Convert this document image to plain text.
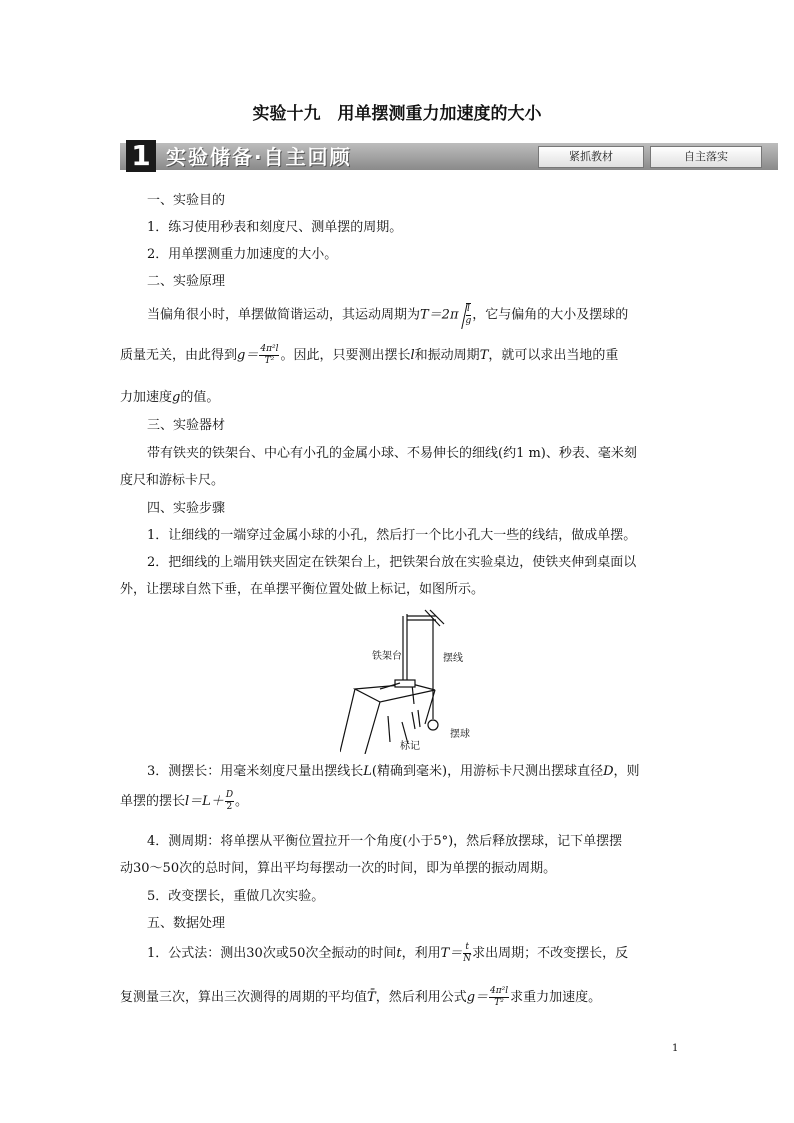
实验十九　用单摆测重力加速度的大小
1 实验储备·自主回顾	紧抓教材	自主落实
一、实验目的
1．练习使用秒表和刻度尺、测单摆的周期。
2．用单摆测重力加速度的大小。
二、实验原理
当偏角很小时，单摆做简谐运动，其运动周期为$T=2\pi \frac{l}{g}$ ，它与偏角的大小及摆球的
质量无关，由此得到$g= \frac{\text{4π²l}}{\text{T²}}$ 。因此，只要测出摆长l和振动周期T，就可以求出当地的重
力加速度g的值。
三、实验器材
带有铁夹的铁架台、中心有小孔的金属小球、不易伸长的细线(约1 m)、秒表、毫米刻
度尺和游标卡尺。
四、实验步骤
1．让细线的一端穿过金属小球的小孔，然后打一个比小孔大一些的线结，做成单摆。
2．把细线的上端用铁夹固定在铁架台上，把铁架台放在实验桌边，使铁夹伸到桌面以
外，让摆球自然下垂，在单摆平衡位置处做上标记，如图所示。
铁架台	摆线
标记
摆球
3．测摆长：用毫米刻度尺量出摆线长L(精确到毫米)，用游标卡尺测出摆球直径D，则
单摆的摆长$l=L+ \frac{D}{2}$ 。
4．测周期：将单摆从平衡位置拉开一个角度(小于5°)，然后释放摆球，记下单摆摆
动30～50次的总时间，算出平均每摆动一次的时间，即为单摆的振动周期。
5．改变摆长，重做几次实验。
五、数据处理
1．公式法：测出30次或50次全振动的时间t，利用$T= \frac{t}{N}$ 求出周期；不改变摆长，反
复测量三次，算出三次测得的周期的平均值T̄，然后利用公式$g= \frac{\text{4π²l}}{\text{T²}}$ 求重力加速度。
1
